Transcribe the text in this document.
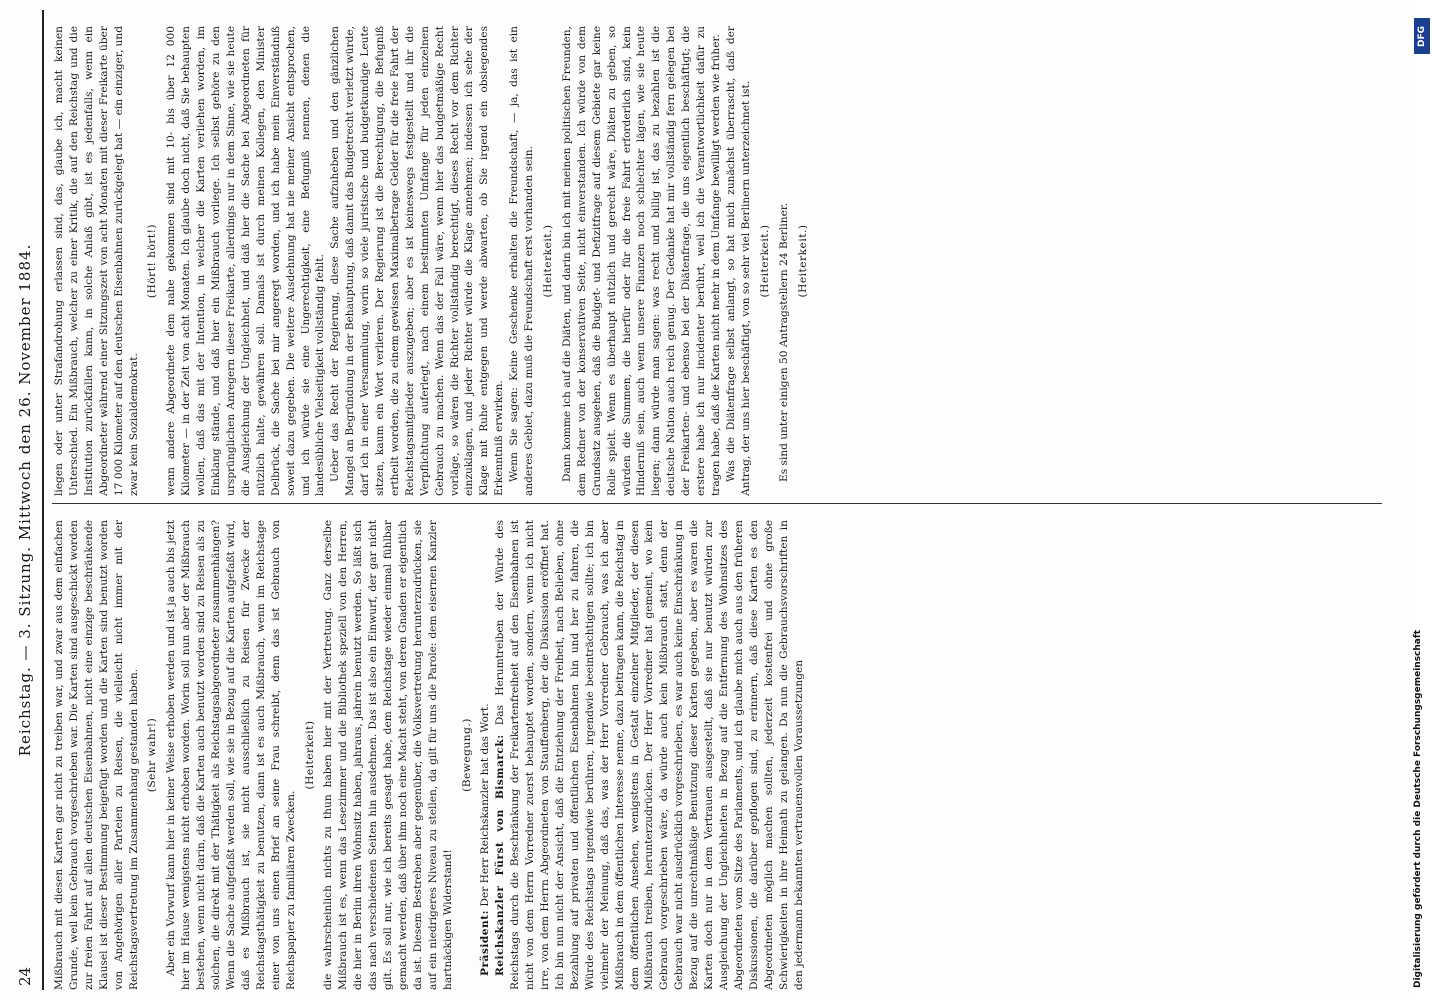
24
Reichstag. — 3. Sitzung. Mittwoch den 26. November 1884. Mißbrauch mit diesen Karten gar nicht zu treiben war, und zwar aus dem einfachen Grunde, weil kein Gebrauch vorgeschrieben war. Die Karten sind ausgeschickt worden zur freien Fahrt auf allen deutschen Eisenbahnen, nicht eine einzige beschränkende Klausel ist dieser Bestimmung beigefügt worden und die Karten sind benutzt worden von Angehörigen aller Parteien zu Reisen, die vielleicht nicht immer mit der Reichstagsvertretung im Zusammenhang gestanden haben. (Sehr wahr!) Aber ein Vorwurf kann hier in keiner Weise erhoben werden und ist ja auch bis jetzt hier im Hause wenigstens nicht erhoben worden. Worin soll nun aber der Mißbrauch bestehen, wenn nicht darin, daß die Karten auch benutzt worden sind zu Reisen als zu solchen, die direkt mit der Thätigkeit als Reichstagsabgeordneter zusammenhängen? Wenn die Sache aufgefaßt werden soll, wie sie in Bezug auf die Karten aufgefaßt wird, daß es Mißbrauch ist, sie nicht ausschließlich zu Reisen für Zwecke der Reichstagsthätigkeit zu benutzen, dann ist es auch Mißbrauch, wenn im Reichstage einer von uns einen Brief an seine Frau schreibt, denn das ist Gebrauch von Reichspapier zu familiären Zwecken.

(Heiterkeit) die wahrscheinlich nichts zu thun haben hier mit der Vertretung. Ganz derselbe Mißbrauch ist es, wenn das Lesezimmer und die Bibliothek speziell von den Herren, die hier in Berlin ihren Wohnsitz haben, jahraus, jahrein benutzt werden. So läßt sich das nach verschiedenen Seiten hin ausdehnen. Das ist also ein Einwurf, der gar nicht gilt. Es soll nur, wie ich bereits gesagt habe, dem Reichstage wieder einmal fühlbar gemacht werden, daß über ihm noch eine Macht steht, von deren Gnaden er eigentlich da ist. Diesem Bestreben aber gegenüber, die Volksvertretung herunterzudrücken, sie auf ein niedrigeres Niveau zu stellen, da gilt für uns die Parole: dem eisernen Kanzler hartnäckigen Widerstand!

(Bewegung.)

Präsident: Der Herr Reichskanzler hat das Wort. Reichskanzler Fürst von Bismarck: Das Herumtreiben der Würde des Reichstags durch die Beschränkung der Freikartenfreiheit auf den Eisenbahnen ist nicht von dem Herrn Vorredner zuerst behauptet worden, sondern, wenn ich nicht irre, von dem Herrn Abgeordneten von Stauffenberg, der die Diskussion eröffnet hat. Ich bin nun nicht der Ansicht, daß die Entziehung der Freiheit, nach Belieben, ohne Bezahlung auf privaten und öffentlichen Eisenbahnen hin und her zu fahren, die Würde des Reichstags irgendwie berühren, irgendwie beeinträchtigen sollte; ich bin vielmehr der Meinung, daß das, was der Herr Vorredner Gebrauch, was ich aber Mißbrauch in dem öffentlichen Interesse nenne, dazu beitragen kann, die Reichstag in dem öffentlichen Ansehen, wenigstens in Gestalt einzelner Mitglieder, der diesen Mißbrauch treiben, herunterzudrücken. Der Herr Vorredner hat gemeint, wo kein Gebrauch vorgeschrieben wäre, da würde auch kein Mißbrauch statt, denn der Gebrauch war nicht ausdrücklich vorgeschrieben, es war auch keine Einschränkung in Bezug auf die unrechtmäßige Benutzung dieser Karten gegeben, aber es waren die Karten doch nur in dem Vertrauen ausgestellt, daß sie nur benutzt würden zur Ausgleichung der Ungleichheiten in Bezug auf die Entfernung des Wohnsitzes des Abgeordneten vom Sitze des Parlaments, und ich glaube mich auch aus den früheren Diskussionen, die darüber gepflogen sind, zu erinnern, daß diese Karten es den Abgeordneten möglich machen sollten, jederzeit kostenfrei und ohne große Schwierigkeiten in ihre Heimath zu gelangen. Da nun die Gebrauchsvorschriften in den jedermann bekannten vertrauensvollen Voraussetzungen

liegen oder unter Strafandrohung erlassen sind, das, glaube ich, macht keinen Unterschied. Ein Mißbrauch, welcher zu einer Kritik, die auf den Reichstag und die Institution zurückfallen kann, in solche Anlaß gibt, ist es jedenfalls, wenn ein Abgeordneter während einer Sitzungszeit von acht Monaten mit dieser Freikarte über 17 000 Kilometer auf den deutschen Eisenbahnen zurückgelegt hat — ein einziger, und zwar kein Sozialdemokrat.

(Hört! hört!) wenn andere Abgeordnete dem nahe gekommen sind mit 10- bis über 12 000 Kilometer — in der Zeit von acht Monaten. Ich glaube doch nicht, daß Sie behaupten wollen, daß das mit der Intention, in welcher die Karten verliehen worden, im Einklang stände, und daß hier ein Mißbrauch vorliege. Ich selbst gehöre zu den ursprünglichen Anregern dieser Freikarte, allerdings nur in dem Sinne, wie sie heute die Ausgleichung der Ungleichheit, und daß hier die Sache bei Abgeordneten für nützlich halte, gewähren soll. Damals ist durch meinen Kollegen, den Minister Delbrück, die Sache bei mir angeregt worden, und ich habe mein Einverständniß soweit dazu gegeben. Die weitere Ausdehnung hat nie meiner Ansicht entsprochen, und ich würde sie eine Ungerechtigkeit, eine Befugniß nennen, denen die landesübliche Vielseitigkeit vollständig fehlt. Ueber das Recht der Regierung, diese Sache aufzuheben und den gänzlichen Mangel an Begründung in der Behauptung, daß damit das Budgetrecht verletzt würde, darf ich in einer Versammlung, worin so viele juristische und budgetkundige Leute sitzen, kaum ein Wort verlieren. Der Regierung ist die Berechtigung, die Befugniß ertheilt worden, die zu einem gewissen Maximalbetrage Gelder für die freie Fahrt der Reichstagsmitglieder auszugeben; aber es ist keineswegs festgestellt und ihr die Verpflichtung auferlegt, nach einem bestimmten Umfange für jeden einzelnen Gebrauch zu machen. Wenn das der Fall wäre, wenn hier das budgetmäßige Recht vorläge, so wären die Richter vollständig berechtigt, dieses Recht vor dem Richter einzuklagen, und jeder Richter würde die Klage annehmen; indessen ich sehe der Klage mit Ruhe entgegen und werde abwarten, ob Sie irgend ein obsiegendes Erkenntniß erwirken. Wenn Sie sagen: Keine Geschenke erhalten die Freundschaft, — ja, das ist ein anderes Gebiet, dazu muß die Freundschaft erst vorhanden sein. (Heiterkeit.) Dann komme ich auf die Diäten, und darin bin ich mit meinen politischen Freunden, dem Redner von der konservativen Seite, nicht einverstanden. Ich würde von dem Grundsatz ausgehen, daß die Budget- und Defizitfrage auf diesem Gebiete gar keine Rolle spielt. Wenn es überhaupt nützlich und gerecht wäre, Diäten zu geben, so würden die Summen, die hierfür oder für die freie Fahrt erforderlich sind, kein Hinderniß sein, auch wenn unsere Finanzen noch schlechter lägen, wie sie heute liegen; dann würde man sagen: was recht und billig ist, das zu bezahlen ist die deutsche Nation auch reich genug. Der Gedanke hat mir vollständig fern gelegen bei der Freikarten- und ebenso bei der Diätenfrage, die uns eigentlich beschäftigt; die erstere habe ich nur incidenter berührt, weil ich die Verantwortlichkeit dafür zu tragen habe, daß die Karten nicht mehr in dem Umfange bewilligt werden wie früher. Was die Diätenfrage selbst anlangt, so hat mich zunächst überrascht, daß der Antrag, der uns hier beschäftigt, von so sehr viel Berlinern unterzeichnet ist. (Heiterkeit.) Es sind unter einigen 50 Antragstellern 24 Berliner. (Heiterkeit.)

Digitalisierung gefördert durch die Deutsche Forschungsgemeinschaft
DFG
